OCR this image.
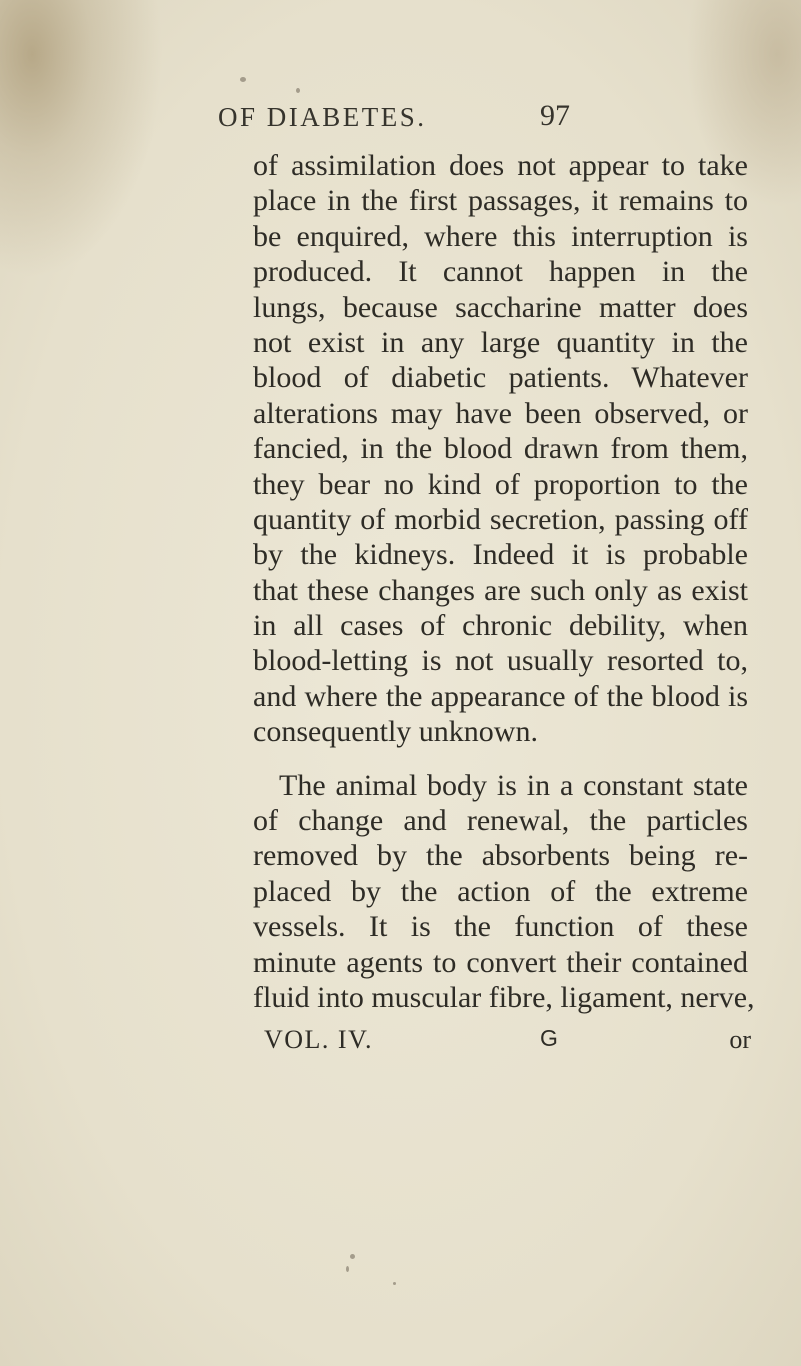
OF DIABETES.	97
of assimilation does not appear to take
place in the first passages, it remains to
be enquired, where this interruption is
produced. It cannot happen in the
lungs, because saccharine matter does
not exist in any large quantity in the
blood of diabetic patients. Whatever
alterations may have been observed, or
fancied, in the blood drawn from them,
they bear no kind of proportion to the
quantity of morbid secretion, passing off
by the kidneys. Indeed it is probable
that these changes are such only as exist
in all cases of chronic debility, when
blood-letting is not usually resorted to,
and where the appearance of the blood is
consequently unknown.
The animal body is in a constant state
of change and renewal, the particles
removed by the absorbents being re-
placed by the action of the extreme
vessels. It is the function of these
minute agents to convert their contained
fluid into muscular fibre, ligament, nerve,
VOL. IV.	G	or
